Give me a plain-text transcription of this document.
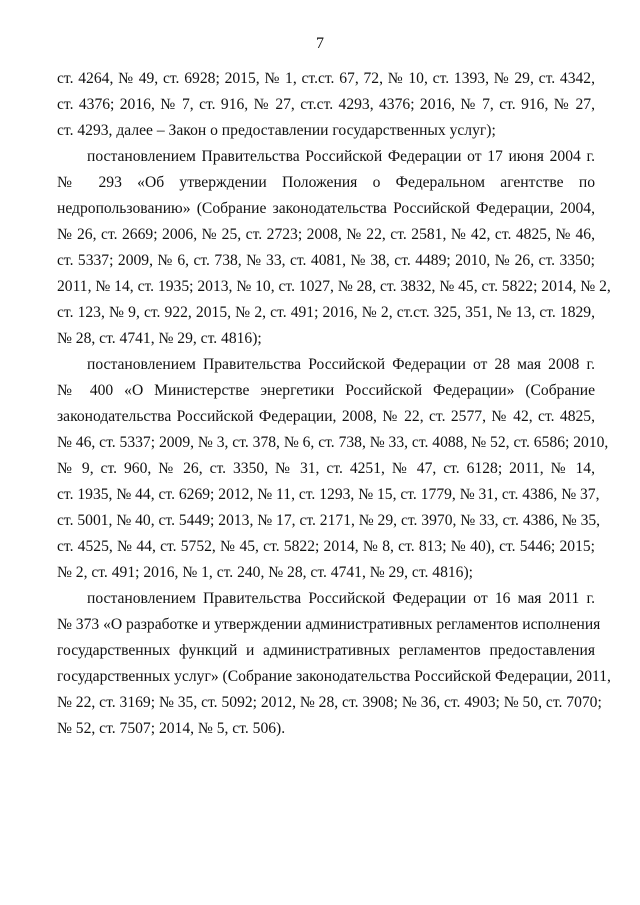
7
ст. 4264, № 49, ст. 6928; 2015, № 1, ст.ст. 67, 72, № 10, ст. 1393, № 29, ст. 4342,
ст. 4376; 2016, № 7, ст. 916, № 27, ст.ст. 4293, 4376; 2016, № 7, ст. 916, № 27,
ст. 4293, далее – Закон о предоставлении государственных услуг);
постановлением Правительства Российской Федерации от 17 июня 2004 г.
№ 293 «Об утверждении Положения о Федеральном агентстве по
недропользованию» (Собрание законодательства Российской Федерации, 2004,
№ 26, ст. 2669; 2006, № 25, ст. 2723; 2008, № 22, ст. 2581, № 42, ст. 4825, № 46,
ст. 5337; 2009, № 6, ст. 738, № 33, ст. 4081, № 38, ст. 4489; 2010, № 26, ст. 3350;
2011, № 14, ст. 1935; 2013, № 10, ст. 1027, № 28, ст. 3832, № 45, ст. 5822; 2014, № 2,
ст. 123, № 9, ст. 922, 2015, № 2, ст. 491; 2016, № 2, ст.ст. 325, 351, № 13, ст. 1829,
№ 28, ст. 4741, № 29, ст. 4816);
постановлением Правительства Российской Федерации от 28 мая 2008 г.
№ 400 «О Министерстве энергетики Российской Федерации» (Собрание
законодательства Российской Федерации, 2008, № 22, ст. 2577, № 42, ст. 4825,
№ 46, ст. 5337; 2009, № 3, ст. 378, № 6, ст. 738, № 33, ст. 4088, № 52, ст. 6586; 2010,
№ 9, ст. 960, № 26, ст. 3350, № 31, ст. 4251, № 47, ст. 6128; 2011, № 14,
ст. 1935, № 44, ст. 6269; 2012, № 11, ст. 1293, № 15, ст. 1779, № 31, ст. 4386, № 37,
ст. 5001, № 40, ст. 5449; 2013, № 17, ст. 2171, № 29, ст. 3970, № 33, ст. 4386, № 35,
ст. 4525, № 44, ст. 5752, № 45, ст. 5822; 2014, № 8, ст. 813; № 40), ст. 5446; 2015;
№ 2, ст. 491; 2016, № 1, ст. 240, № 28, ст. 4741, № 29, ст. 4816);
постановлением Правительства Российской Федерации от 16 мая 2011 г.
№ 373 «О разработке и утверждении административных регламентов исполнения
государственных функций и административных регламентов предоставления
государственных услуг» (Собрание законодательства Российской Федерации, 2011,
№ 22, ст. 3169; № 35, ст. 5092; 2012, № 28, ст. 3908; № 36, ст. 4903; № 50, ст. 7070;
№ 52, ст. 7507; 2014, № 5, ст. 506).
